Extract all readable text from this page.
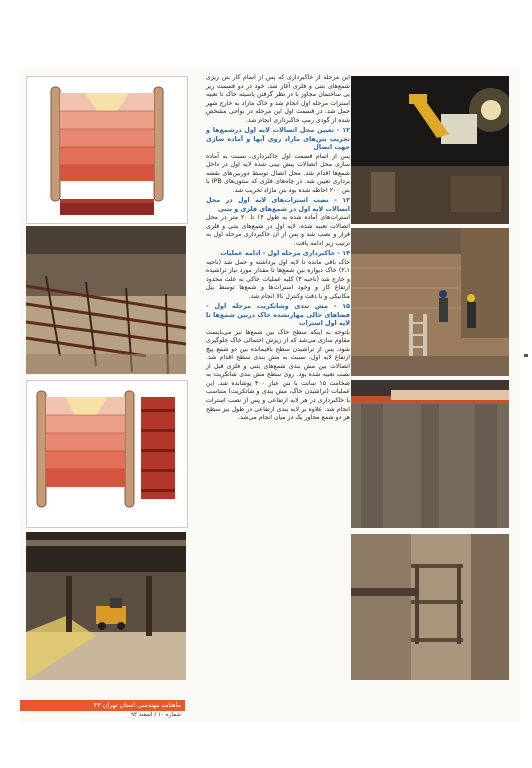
این مرحله از خاکبرداری که پس از اتمام کار بتن ریزی شمع‌های بتنی و فلزی آغاز شد، خود در دو قسمت زیر پی ساختمان مجاور با در نظر گرفتن پاسیته خاک تا تعبیه استرات مرحله اول انجام شد و خاک مازاد به خارج شهر حمل شد. در قسمت اول این مرحله در نواحی مشخص شده از گودی رمپ خاکبرداری انجام شد.

۱۲ - تعیین محل اتصالات لایه اول درشمع‌ها و تخریب بتن‌های مازاد روی آنها و آماده سازی جهت اتصال

پس از اتمام قسمت اول خاکبرداری، نسبت به آماده سازی محل اتصالات پیش بینی شده لایه اول در داخل شمع‌ها اقدام شد. محل اتصال توسط دوربین‌های نقشه برداری تعیین شد. در چاه‌های فلزی که ستون‌های IPB با بتن ۲۰۰ احاطه شده بود بتن مازاد تخریب شد.

۱۳ - نصب استرات‌های لایه اول در محل اتصالات لایه اول در شمع‌های فلزی و بتنی

استرات‌های آماده شده به طول ۱۴ تا ۲۰ متر در محل اتصالات تعبیه شده، لایه اول در شمع‌های بتنی و فلزی قرار و نصب شد و پس از آن خاکبرداری مرحله اول به ترتیب زیر ادامه یافت.

۱۴ - خاکبرداری مرحله اول - ادامه عملیات

خاک باقی مانده تا لایه اول برداشته و حمل شد (ناحیه ۲،۱) خاک دیواره بین شمع‌ها تا مقدار مورد نیاز تراشیده و خارج شد (ناحیه ۳) کلیه عملیات خاکی به علت محدود ارتفاع کار و وجود استرات‌ها و شمع‌ها توسط بیل مکانیکی و با دقت وکنترل بالا انجام شد.

۱۵ - مش بندی وشاتکریت مرحله اول - فضاهای خالی مهارنشده خاک دربین شمع‌ها تا لایه اول استرات

باتوجه به اینکه سطح خاک بین شمع‌ها نیز می‌بایست مقاوم سازی می‌شد که از ریزش احتمالی خاک جلوگیری شود، پس از تراشیدن سطح باقیمانده بین دو شمع پیچ ارتفاع لایه اول، نسبت به مش بندی سطح اقدام شد. اتصالات بین مش بندی شمع‌های بتنی و فلزی قبل از نصب تعبیه شده بود. روی سطح مش بندی شاتکریت به ضخامت ۱۵ سانت با بتن عیار ۴۰۰ پوشانده شد. این عملیات (تراشیدن خاک، مش بندی و شاتکریت) متناسب با خاکبرداری در هر لایه ارتفاعی و پس از نصب استرات انجام شد. علاوه بر لایه بندی ارتفاعی در طول نیز سطح هر دو شمع مجاور یک در میان انجام می‌شد.

ماهنامه مهندسی استان تهران ۴۳
شماره ۱۰ / اسفند ۹۳
